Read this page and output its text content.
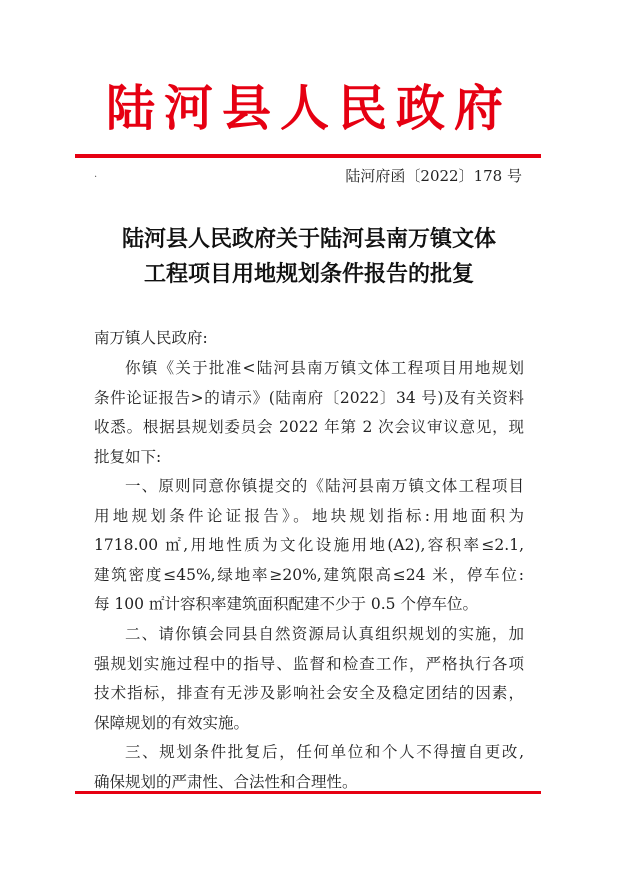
陆河县人民政府
.	陆河府函〔2022〕178 号
陆河县人民政府关于陆河县南万镇文体
工程项目用地规划条件报告的批复
南万镇人民政府:

你镇《关于批准<陆河县南万镇文体工程项目用地规划

条件论证报告>的请示》(陆南府〔2022〕34 号)及有关资料

收悉。根据县规划委员会 2022 年第 2 次会议审议意见，现

批复如下:

一、原则同意你镇提交的《陆河县南万镇文体工程项目

用地规划条件论证报告》。地块规划指标:用地面积为

1718.00 ㎡,用地性质为文化设施用地(A2),容积率≤2.1,

建筑密度≤45%,绿地率≥20%,建筑限高≤24 米，停车位:

每 100 ㎡计容积率建筑面积配建不少于 0.5 个停车位。

二、请你镇会同县自然资源局认真组织规划的实施，加

强规划实施过程中的指导、监督和检查工作，严格执行各项

技术指标，排查有无涉及影响社会安全及稳定团结的因素，

保障规划的有效实施。

三、规划条件批复后，任何单位和个人不得擅自更改,

确保规划的严肃性、合法性和合理性。
